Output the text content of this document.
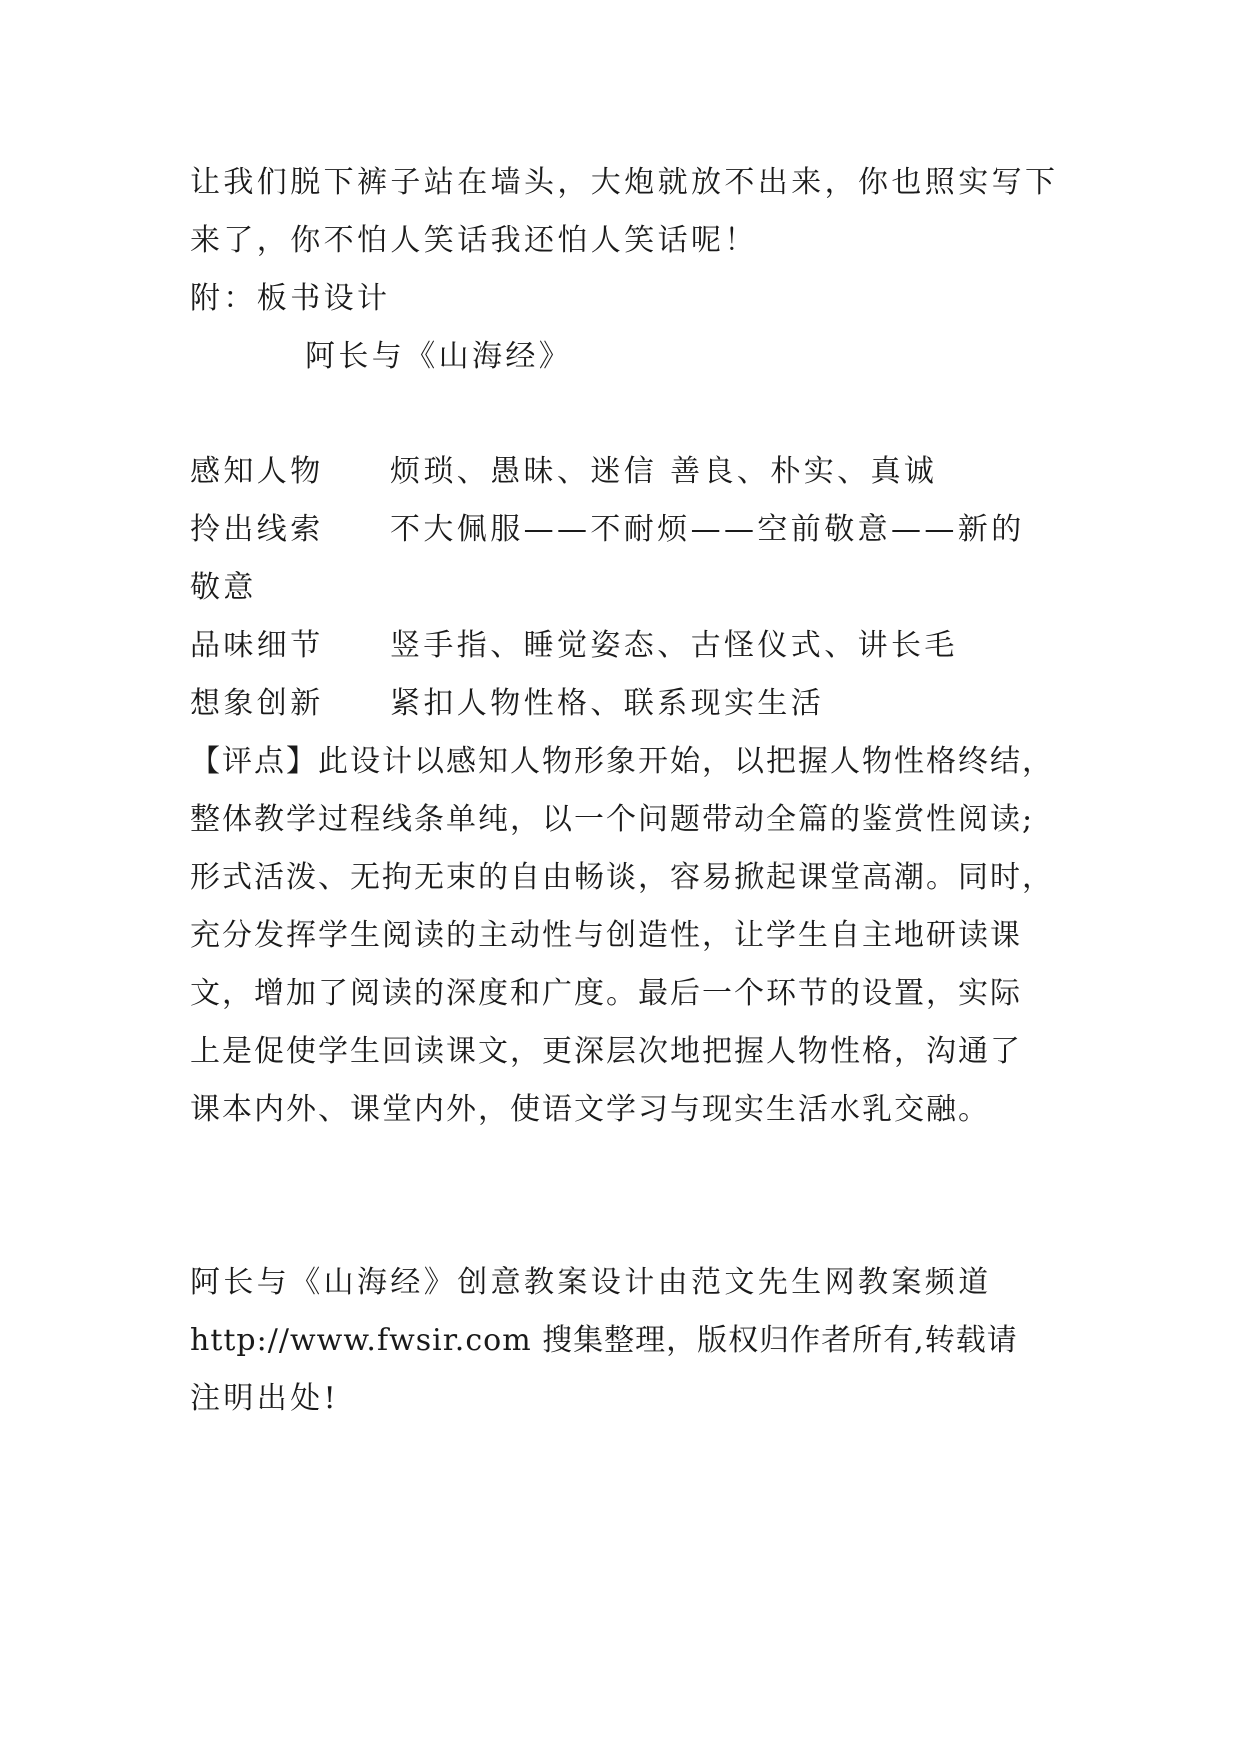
让我们脱下裤子站在墙头，大炮就放不出来，你也照实写下
来了，你不怕人笑话我还怕人笑话呢！
附：板书设计
阿长与《山海经》
感知人物 烦琐、愚昧、迷信 善良、朴实、真诚
拎出线索不大佩服——不耐烦——空前敬意——新的
敬意
品味细节 竖手指、睡觉姿态、古怪仪式、讲长毛
想象创新 紧扣人物性格、联系现实生活
【评点】此设计以感知人物形象开始，以把握人物性格终结，
整体教学过程线条单纯，以一个问题带动全篇的鉴赏性阅读;
形式活泼、无拘无束的自由畅谈，容易掀起课堂高潮。同时，
充分发挥学生阅读的主动性与创造性，让学生自主地研读课
文，增加了阅读的深度和广度。最后一个环节的设置，实际
上是促使学生回读课文，更深层次地把握人物性格，沟通了
课本内外、课堂内外，使语文学习与现实生活水乳交融。
阿长与《山海经》创意教案设计由范文先生网教案频道
http://www.fwsir.com 搜集整理，版权归作者所有,转载请
注明出处!
